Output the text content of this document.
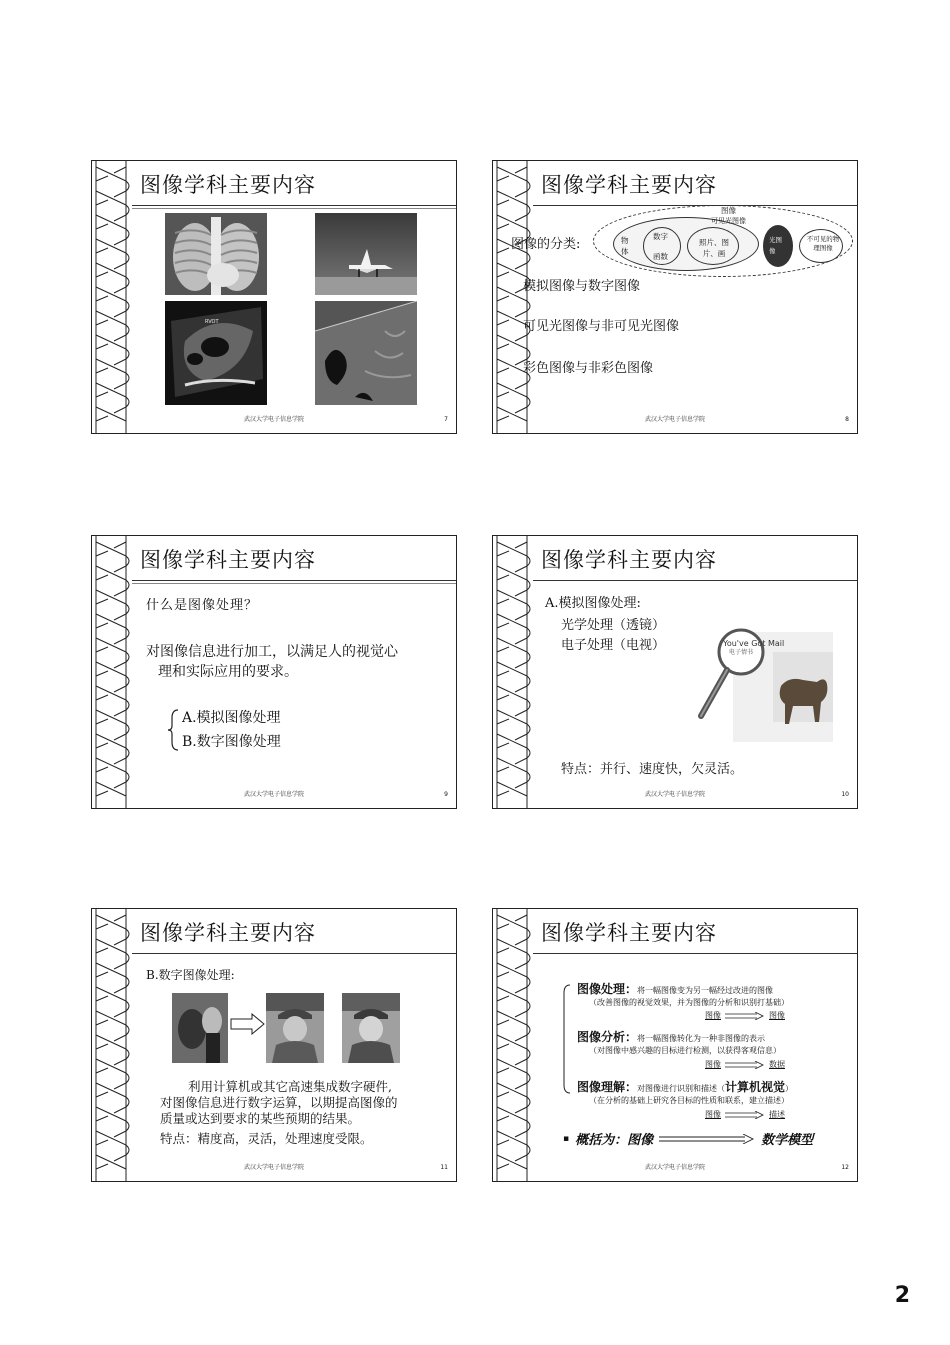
图像学科主要内容
RVOT
武汉大学电子信息学院	7
图像学科主要内容
图像
可见光图像
物体
数字
函数
照片、图片、画
光图像
不可见的物理图像
图像的分类:
模拟图像与数字图像
可见光图像与非可见光图像
彩色图像与非彩色图像
武汉大学电子信息学院	8
图像学科主要内容
什么是图像处理？
对图像信息进行加工，以满足人的视觉心
理和实际应用的要求。
A.模拟图像处理
B.数字图像处理
武汉大学电子信息学院	9
图像学科主要内容
A.模拟图像处理:
光学处理（透镜）
电子处理（电视）	You've Got Mail
电子情书
特点：并行、速度快，欠灵活。
武汉大学电子信息学院	10
图像学科主要内容
B.数字图像处理:
利用计算机或其它高速集成数字硬件,
对图像信息进行数字运算，以期提高图像的
质量或达到要求的某些预期的结果。
特点：精度高，灵活，处理速度受限。
武汉大学电子信息学院	11
图像学科主要内容
图像处理：将一幅图像变为另一幅经过改进的图像
（改善图像的视觉效果，并为图像的分析和识别打基础）
图像	图像
图像分析：将一幅图像转化为一种非图像的表示
（对图像中感兴趣的目标进行检测，以获得客观信息）
图像	数据
图像理解：对图像进行识别和描述（计算机视觉）
（在分析的基础上研究各目标的性质和联系，建立描述）
图像	描述
▪ 概括为：图像	数学模型
武汉大学电子信息学院	12
2
